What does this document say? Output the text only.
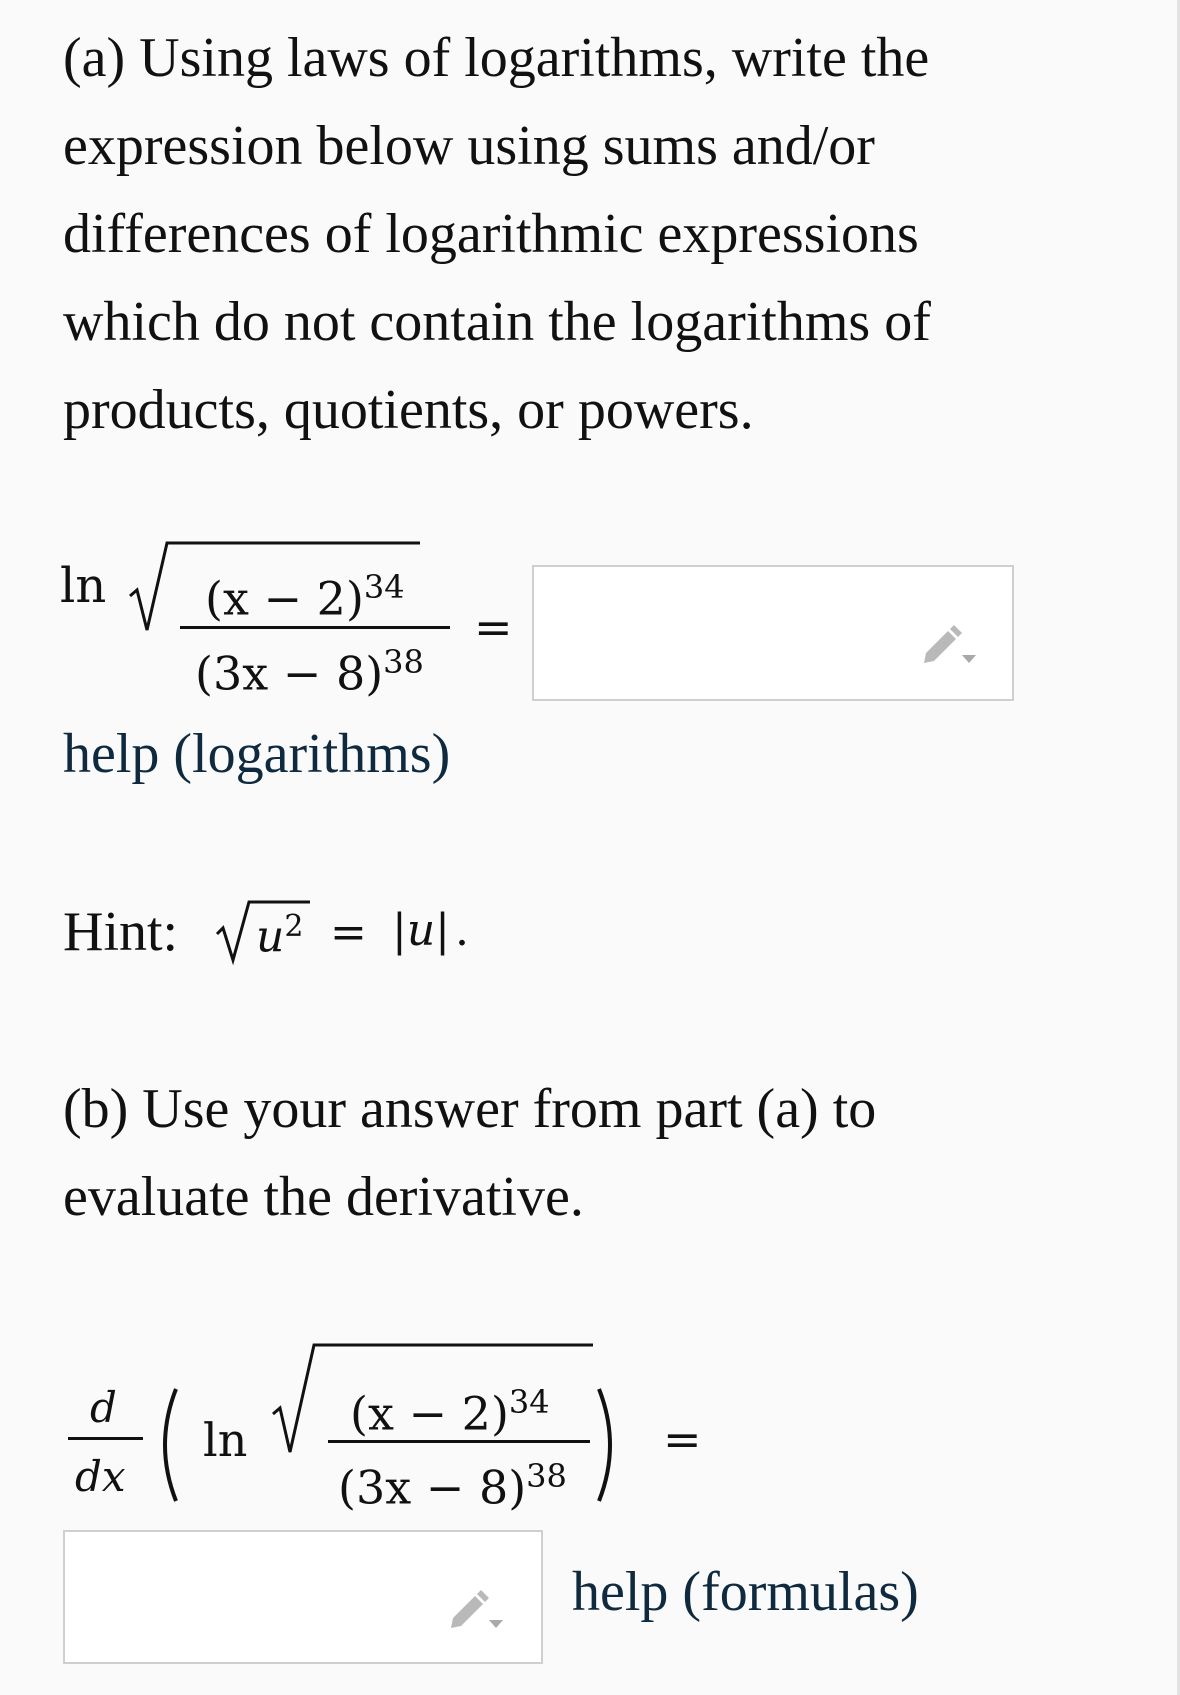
(a) Using laws of logarithms, write the expression below using sums and/or differences of logarithmic expressions which do not contain the logarithms of products, quotients, or powers.

$\ln (x - 2)^{34}$
$(3x - 8)^{38}$
=
help (logarithms)
Hint: $u^2 = |u|$ .

(b) Use your answer from part (a) to evaluate the derivative.

d
dx
$\ln (x - 2)^{34}$
$(3x - 8)^{38}$
=
help (formulas)
